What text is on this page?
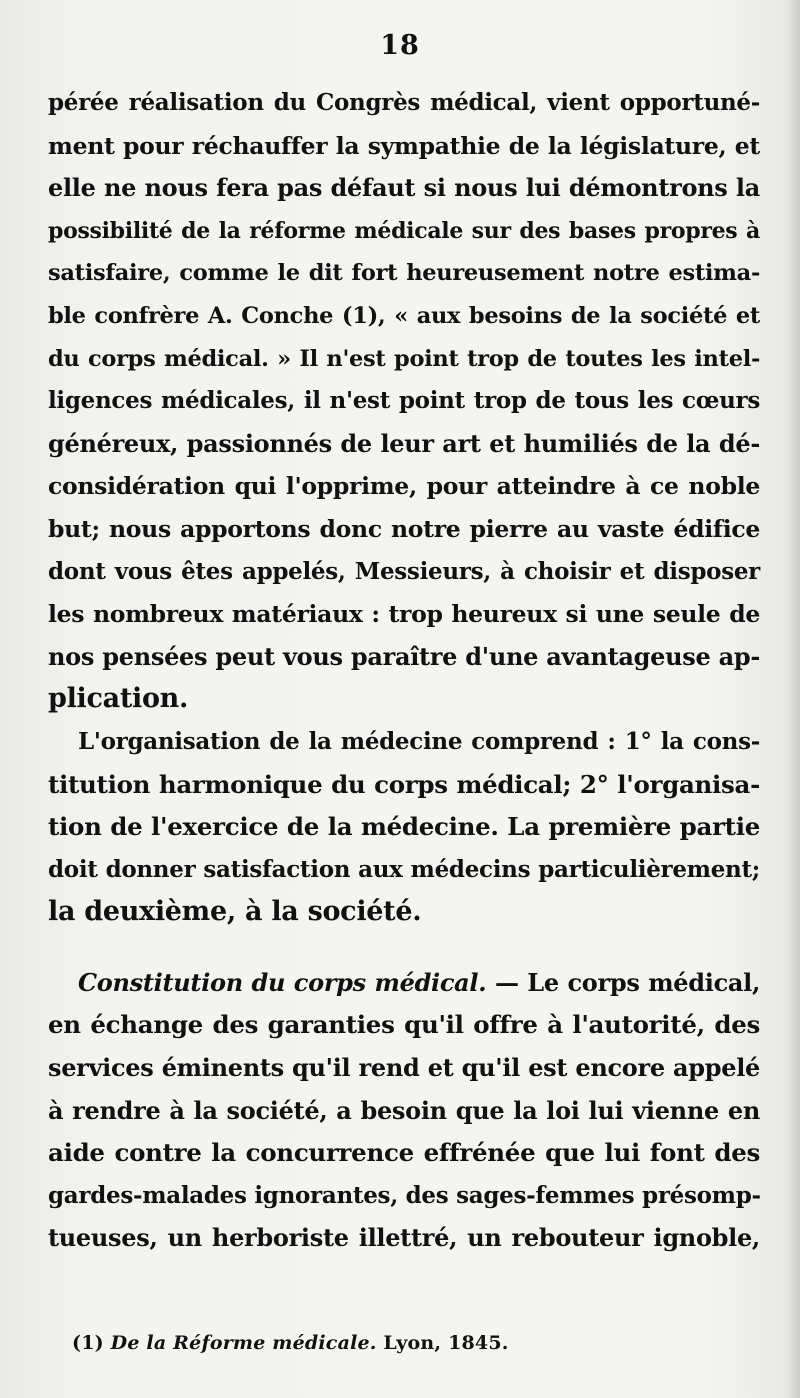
18
pérée réalisation du Congrès médical, vient opportuné-
ment pour réchauffer la sympathie de la législature, et
elle ne nous fera pas défaut si nous lui démontrons la
possibilité de la réforme médicale sur des bases propres à
satisfaire, comme le dit fort heureusement notre estima-
ble confrère A. Conche (1), « aux besoins de la société et
du corps médical. » Il n'est point trop de toutes les intel-
ligences médicales, il n'est point trop de tous les cœurs
généreux, passionnés de leur art et humiliés de la dé-
considération qui l'opprime, pour atteindre à ce noble
but; nous apportons donc notre pierre au vaste édifice
dont vous êtes appelés, Messieurs, à choisir et disposer
les nombreux matériaux : trop heureux si une seule de
nos pensées peut vous paraître d'une avantageuse ap-
plication.
L'organisation de la médecine comprend : 1° la cons-
titution harmonique du corps médical; 2° l'organisa-
tion de l'exercice de la médecine. La première partie
doit donner satisfaction aux médecins particulièrement;
la deuxième, à la société.
Constitution du corps médical. — Le corps médical,
en échange des garanties qu'il offre à l'autorité, des
services éminents qu'il rend et qu'il est encore appelé
à rendre à la société, a besoin que la loi lui vienne en
aide contre la concurrence effrénée que lui font des
gardes-malades ignorantes, des sages-femmes présomp-
tueuses, un herboriste illettré, un rebouteur ignoble,
(1) De la Réforme médicale. Lyon, 1845.
